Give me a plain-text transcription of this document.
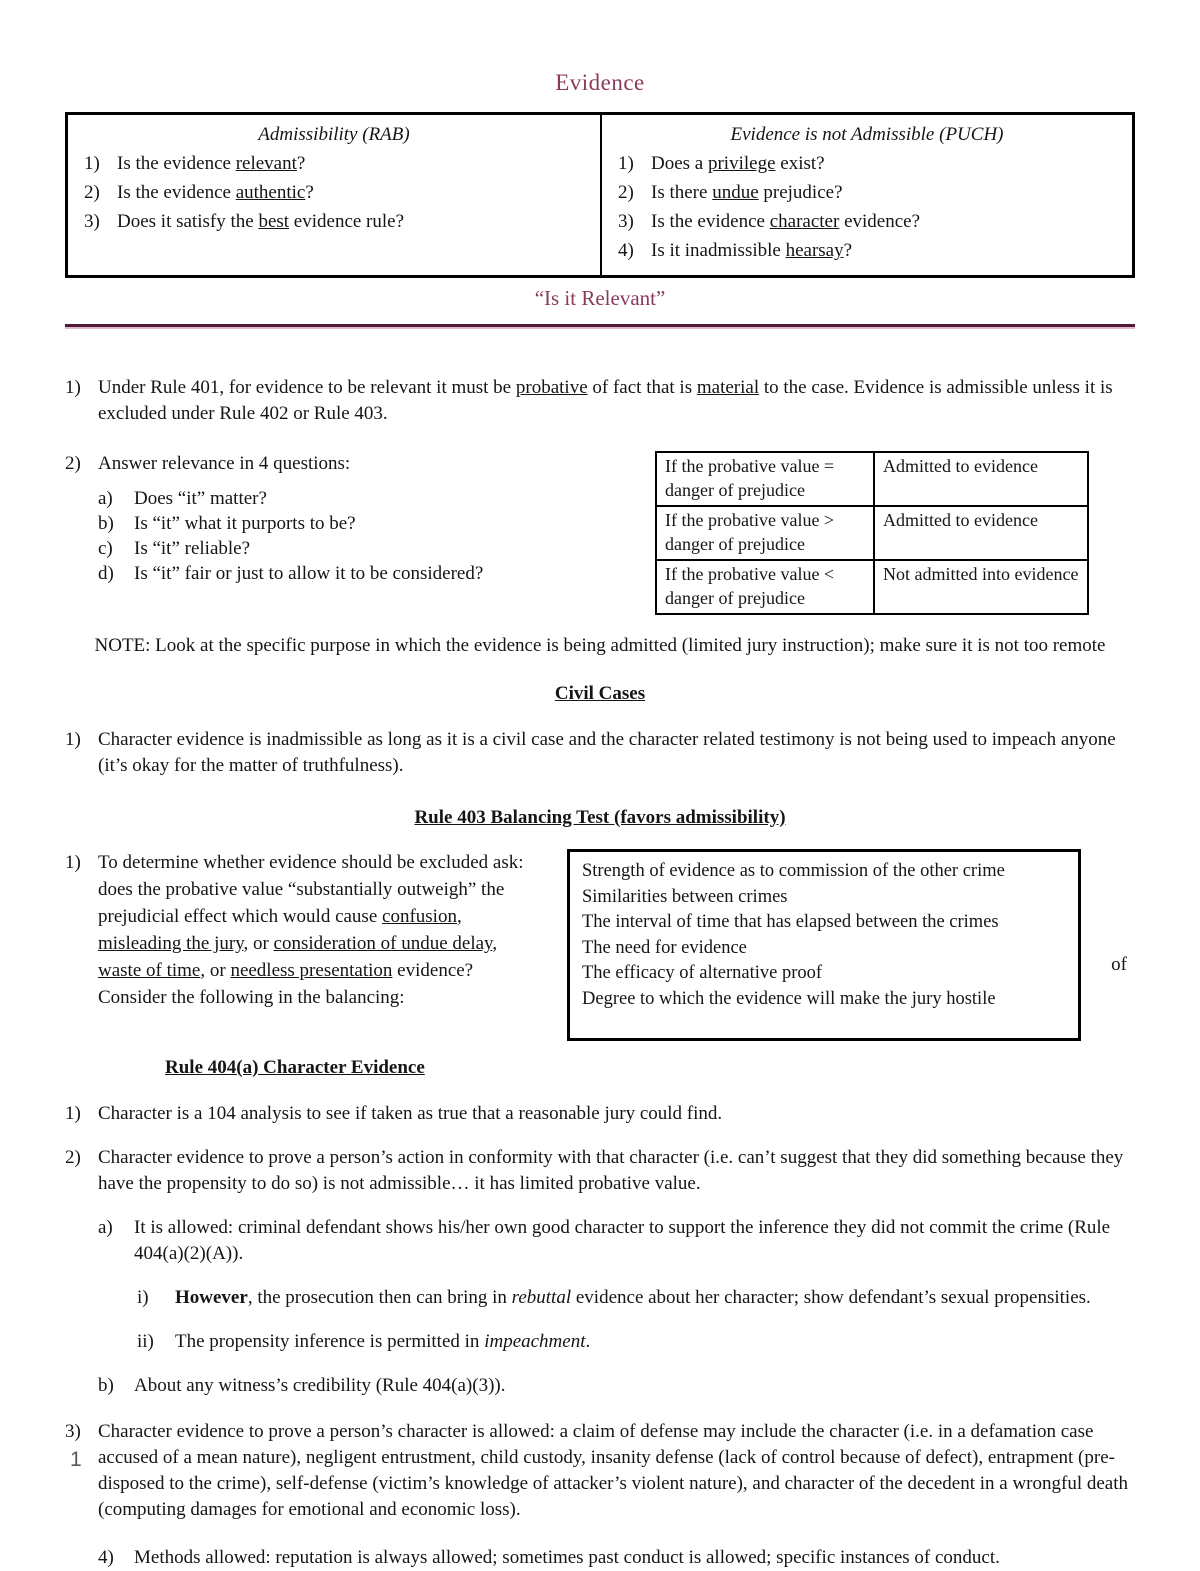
Evidence
Admissibility (RAB)
1) Is the evidence relevant?
2) Is the evidence authentic?
3) Does it satisfy the best evidence rule?
Evidence is not Admissible (PUCH)
1) Does a privilege exist?
2) Is there undue prejudice?
3) Is the evidence character evidence?
4) Is it inadmissible hearsay?
“Is it Relevant”
1) Under Rule 401, for evidence to be relevant it must be probative of fact that is material to the case. Evidence is admissible unless it is excluded under Rule 402 or Rule 403.
2) Answer relevance in 4 questions:
a)	Does “it” matter?
b)	Is “it” what it purports to be?
c)	Is “it” reliable?
d)	Is “it” fair or just to allow it to be considered?
If the probative value = danger of prejudice	Admitted to evidence
If the probative value > danger of prejudice	Admitted to evidence
If the probative value < danger of prejudice	Not admitted into evidence
NOTE: Look at the specific purpose in which the evidence is being admitted (limited jury instruction); make sure it is not too remote
Civil Cases
1) Character evidence is inadmissible as long as it is a civil case and the character related testimony is not being used to impeach anyone (it’s okay for the matter of truthfulness).
Rule 403 Balancing Test (favors admissibility)
1) To determine whether evidence should be excluded ask: does the probative value “substantially outweigh” the prejudicial effect which would cause confusion, misleading the jury, or consideration of undue delay, waste of time, or needless presentation evidence? Consider the following in the balancing:
Strength of evidence as to commission of the other crime
Similarities between crimes
The interval of time that has elapsed between the crimes
The need for evidence
The efficacy of alternative proof
Degree to which the evidence will make the jury hostile
of
Rule 404(a) Character Evidence
1) Character is a 104 analysis to see if taken as true that a reasonable jury could find.
2) Character evidence to prove a person’s action in conformity with that character (i.e. can’t suggest that they did something because they have the propensity to do so) is not admissible… it has limited probative value.
a)	It is allowed: criminal defendant shows his/her own good character to support the inference they did not commit the crime (Rule 404(a)(2)(A)).
i)	However, the prosecution then can bring in rebuttal evidence about her character; show defendant’s sexual propensities.
ii)	The propensity inference is permitted in impeachment.
b)	About any witness’s credibility (Rule 404(a)(3)).
3) Character evidence to prove a person’s character is allowed: a claim of defense may include the character (i.e. in a defamation case accused of a mean nature), negligent entrustment, child custody, insanity defense (lack of control because of defect), entrapment (pre-disposed to the crime), self-defense (victim’s knowledge of attacker’s violent nature), and character of the decedent in a wrongful death (computing damages for emotional and economic loss).
4)	Methods allowed: reputation is always allowed; sometimes past conduct is allowed; specific instances of conduct.
1
